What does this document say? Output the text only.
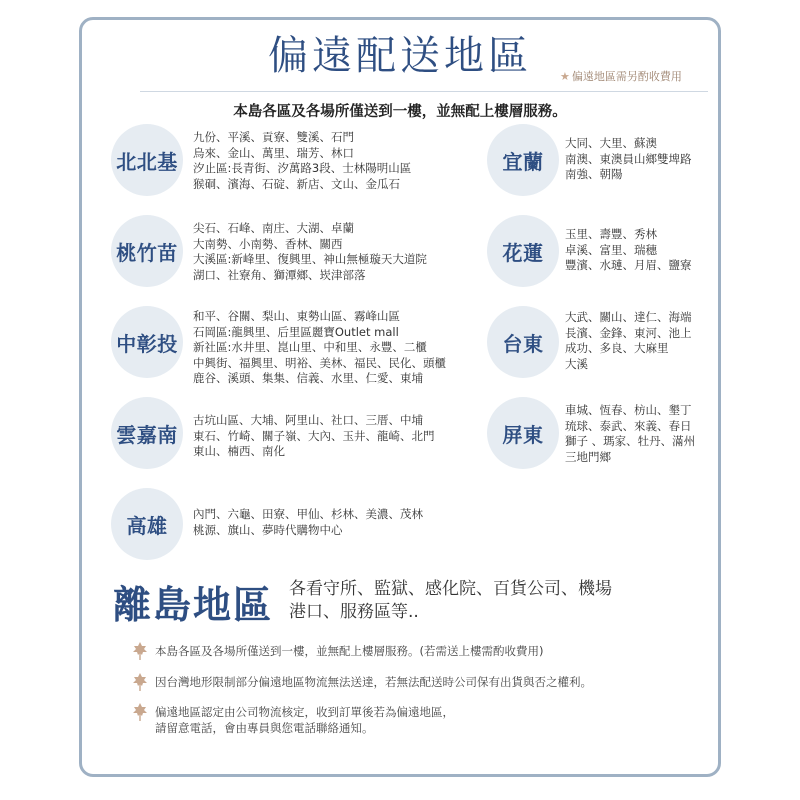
偏遠配送地區	★ 偏遠地區需另酌收費用
本島各區及各場所僅送到一樓，並無配上樓層服務。
北北基
九份、平溪、貢寮、雙溪、石門
烏來、金山、萬里、瑞芳、林口
汐止區:長青街、汐萬路3段、士林陽明山區
猴硐、濱海、石碇、新店、文山、金瓜石
宜蘭
大同、大里、蘇澳
南澳、東澳員山鄉雙埤路
南強、朝陽
桃竹苗
尖石、石峰、南庄、大湖、卓蘭
大南勢、小南勢、香林、關西
大溪區:新峰里、復興里、神山無極璇天大道院
湖口、社寮角、獅潭鄉、崁津部落
花蓮
玉里、壽豐、秀林
卓溪、富里、瑞穗
豐濱、水璉、月眉、鹽寮
中彰投
和平、谷關、梨山、東勢山區、霧峰山區
石岡區:龍興里、后里區麗寶Outlet mall
新社區:水井里、崑山里、中和里、永豐、二櫃
中興街、福興里、明裕、美林、福民、民化、頭櫃
鹿谷、溪頭、集集、信義、水里、仁愛、東埔
台東
大武、關山、達仁、海端
長濱、金鋒、東河、池上
成功、多良、大麻里
大溪
雲嘉南
古坑山區、大埔、阿里山、社口、三厝、中埔
東石、竹崎、關子嶺、大內、玉井、龍崎、北門
東山、楠西、南化
屏東
車城、恆春、枋山、墾丁
琉球、泰武、來義、春日
獅子 、瑪家、牡丹、滿州
三地門鄉
高雄 內門、六龜、田寮、甲仙、杉林、美濃、茂林
桃源、旗山、夢時代購物中心
離島地區 各看守所、監獄、感化院、百貨公司、機場
港口、服務區等..
本島各區及各場所僅送到一樓，並無配上樓層服務。(若需送上樓需酌收費用)
因台灣地形限制部分偏遠地區物流無法送達，若無法配送時公司保有出貨與否之權利。
偏遠地區認定由公司物流核定，收到訂單後若為偏遠地區，
請留意電話，會由專員與您電話聯絡通知。
